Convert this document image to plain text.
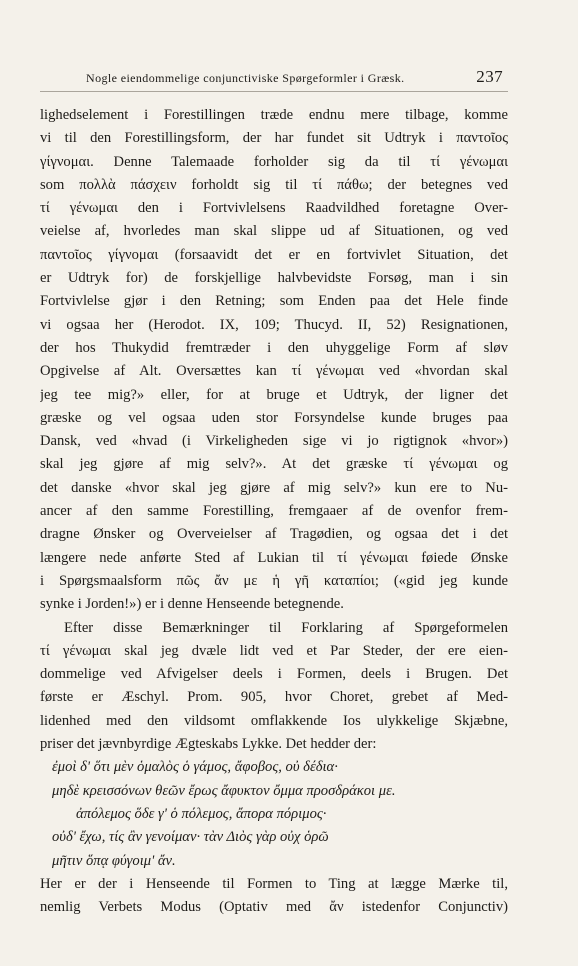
Nogle eiendommelige conjunctiviske Spørgeformler i Græsk.	237
lighedselement i Forestillingen træde endnu mere tilbage, komme
vi til den Forestillingsform, der har fundet sit Udtryk i παντοῖος
γίγνομαι. Denne Talemaade forholder sig da til τί γένωμαι
som πολλὰ πάσχειν forholdt sig til τί πάθω; der betegnes ved
τί γένωμαι den i Fortvivlelsens Raadvildhed foretagne Over-
veielse af, hvorledes man skal slippe ud af Situationen, og ved
παντοῖος γίγνομαι (forsaavidt det er en fortvivlet Situation, det
er Udtryk for) de forskjellige halvbevidste Forsøg, man i sin
Fortvivlelse gjør i den Retning; som Enden paa det Hele finde
vi ogsaa her (Herodot. IX, 109; Thucyd. II, 52) Resignationen,
der hos Thukydid fremtræder i den uhyggelige Form af sløv
Opgivelse af Alt. Oversættes kan τί γένωμαι ved «hvordan skal
jeg tee mig?» eller, for at bruge et Udtryk, der ligner det
græske og vel ogsaa uden stor Forsyndelse kunde bruges paa
Dansk, ved «hvad (i Virkeligheden sige vi jo rigtignok «hvor»)
skal jeg gjøre af mig selv?». At det græske τί γένωμαι og
det danske «hvor skal jeg gjøre af mig selv?» kun ere to Nu-
ancer af den samme Forestilling, fremgaaer af de ovenfor frem-
dragne Ønsker og Overveielser af Tragødien, og ogsaa det i det
længere nede anførte Sted af Lukian til τί γένωμαι føiede Ønske
i Spørgsmaalsform πῶς ἄν με ἡ γῆ καταπίοι; («gid jeg kunde
synke i Jorden!») er i denne Henseende betegnende.
Efter disse Bemærkninger til Forklaring af Spørgeformelen
τί γένωμαι skal jeg dvæle lidt ved et Par Steder, der ere eien-
dommelige ved Afvigelser deels i Formen, deels i Brugen. Det
første er Æschyl. Prom. 905, hvor Choret, grebet af Med-
lidenhed med den vildsomt omflakkende Ios ulykkelige Skjæbne,
priser det jævnbyrdige Ægteskabs Lykke. Det hedder der:
ἐμοὶ δ' ὅτι μὲν ὁμαλὸς ὁ γάμος, ἄφοβος, οὐ δέδια·
μηδὲ κρεισσόνων θεῶν ἔρως ἄφυκτον ὄμμα προσδράκοι με.
ἀπόλεμος ὅδε γ' ὁ πόλεμος, ἄπορα πόριμος·
οὐδ' ἔχω, τίς ἂν γενοίμαν· τὰν Διὸς γὰρ οὐχ ὁρῶ
μῆτιν ὅπᾳ φύγοιμ' ἄν.
Her er der i Henseende til Formen to Ting at lægge Mærke til,
nemlig Verbets Modus (Optativ med ἄν istedenfor Conjunctiv)
